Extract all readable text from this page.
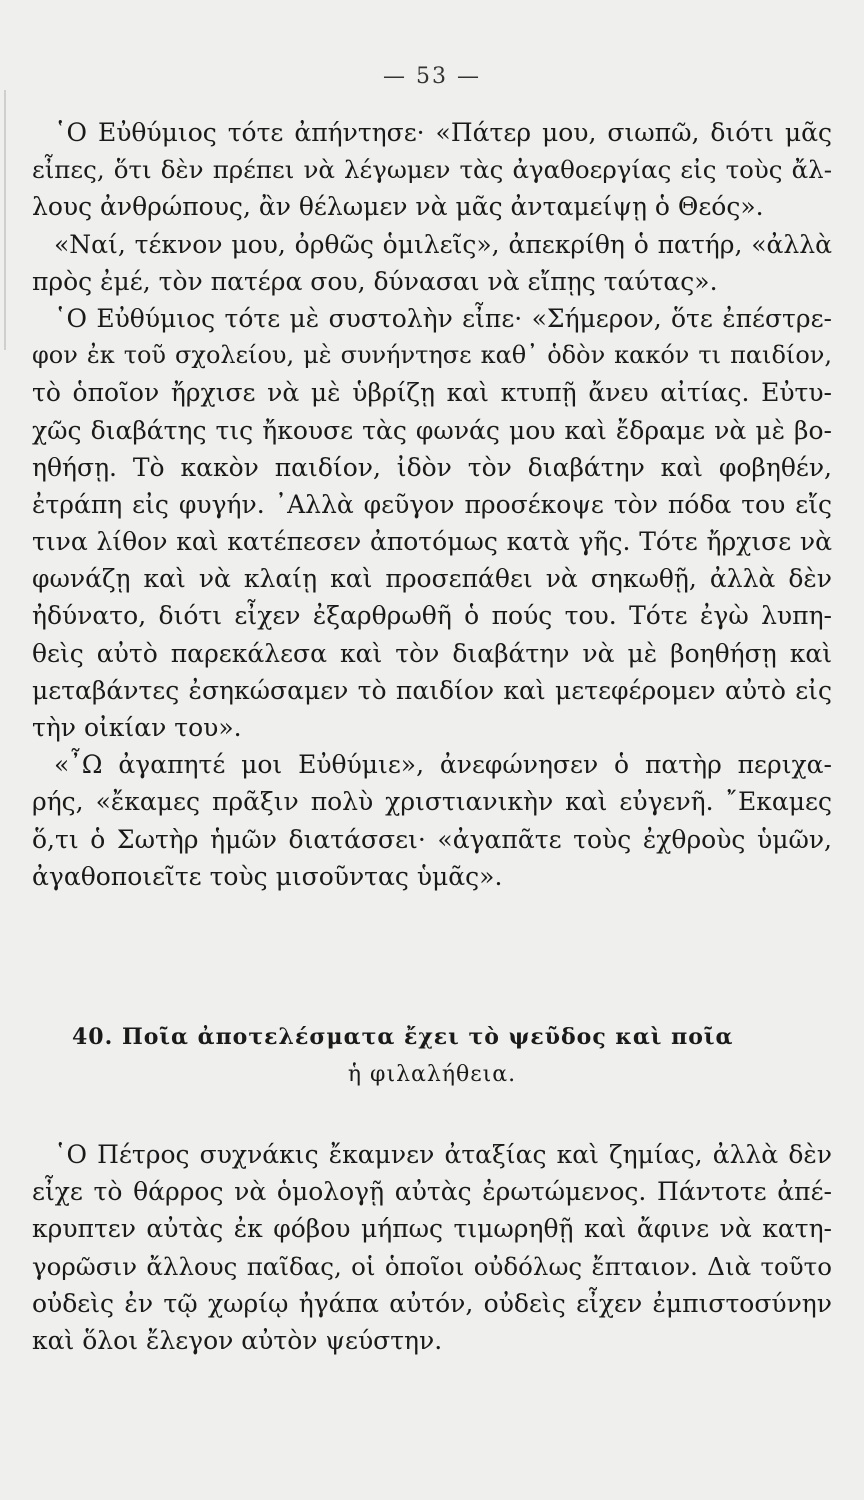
— 53 —
῾Ο Εὐθύμιος τότε ἀπήντησε· «Πάτερ μου, σιωπῶ, διότι μᾶς
εἶπες, ὅτι δὲν πρέπει νὰ λέγωμεν τὰς ἀγαθοεργίας εἰς τοὺς ἄλ-
λους ἀνθρώπους, ἂν θέλωμεν νὰ μᾶς ἀνταμείψῃ ὁ Θεός».
«Ναί, τέκνον μου, ὀρθῶς ὁμιλεῖς», ἀπεκρίθη ὁ πατήρ, «ἀλλὰ
πρὸς ἐμέ, τὸν πατέρα σου, δύνασαι νὰ εἴπῃς ταύτας».
῾Ο Εὐθύμιος τότε μὲ συστολὴν εἶπε· «Σήμερον, ὅτε ἐπέστρε-
φον ἐκ τοῦ σχολείου, μὲ συνήντησε καθ᾽ ὁδὸν κακόν τι παιδίον,
τὸ ὁποῖον ἤρχισε νὰ μὲ ὑβρίζῃ καὶ κτυπῇ ἄνευ αἰτίας. Εὐτυ-
χῶς διαβάτης τις ἤκουσε τὰς φωνάς μου καὶ ἔδραμε νὰ μὲ βο-
ηθήσῃ. Τὸ κακὸν παιδίον, ἰδὸν τὸν διαβάτην καὶ φοβηθέν,
ἐτράπη εἰς φυγήν. ᾿Αλλὰ φεῦγον προσέκοψε τὸν πόδα του εἴς
τινα λίθον καὶ κατέπεσεν ἀποτόμως κατὰ γῆς. Τότε ἤρχισε νὰ
φωνάζῃ καὶ νὰ κλαίῃ καὶ προσεπάθει νὰ σηκωθῇ, ἀλλὰ δὲν
ἠδύνατο, διότι εἶχεν ἐξαρθρωθῆ ὁ πούς του. Τότε ἐγὼ λυπη-
θεὶς αὐτὸ παρεκάλεσα καὶ τὸν διαβάτην νὰ μὲ βοηθήσῃ καὶ
μεταβάντες ἐσηκώσαμεν τὸ παιδίον καὶ μετεφέρομεν αὐτὸ εἰς
τὴν οἰκίαν του».
«῏Ω ἀγαπητέ μοι Εὐθύμιε», ἀνεφώνησεν ὁ πατὴρ περιχα-
ρής, «ἔκαμες πρᾶξιν πολὺ χριστιανικὴν καὶ εὐγενῆ. ῎Εκαμες
ὅ,τι ὁ Σωτὴρ ἡμῶν διατάσσει· «ἀγαπᾶτε τοὺς ἐχθροὺς ὑμῶν,
ἀγαθοποιεῖτε τοὺς μισοῦντας ὑμᾶς».
40. Ποῖα ἀποτελέσματα ἔχει τὸ ψεῦδος καὶ ποῖα
ἡ φιλαλήθεια.
῾Ο Πέτρος συχνάκις ἔκαμνεν ἀταξίας καὶ ζημίας, ἀλλὰ δὲν
εἶχε τὸ θάρρος νὰ ὁμολογῇ αὐτὰς ἐρωτώμενος. Πάντοτε ἀπέ-
κρυπτεν αὐτὰς ἐκ φόβου μήπως τιμωρηθῇ καὶ ἄφινε νὰ κατη-
γορῶσιν ἄλλους παῖδας, οἱ ὁποῖοι οὐδόλως ἔπταιον. Διὰ τοῦτο
οὐδεὶς ἐν τῷ χωρίῳ ἠγάπα αὐτόν, οὐδεὶς εἶχεν ἐμπιστοσύνην
καὶ ὅλοι ἔλεγον αὐτὸν ψεύστην.
